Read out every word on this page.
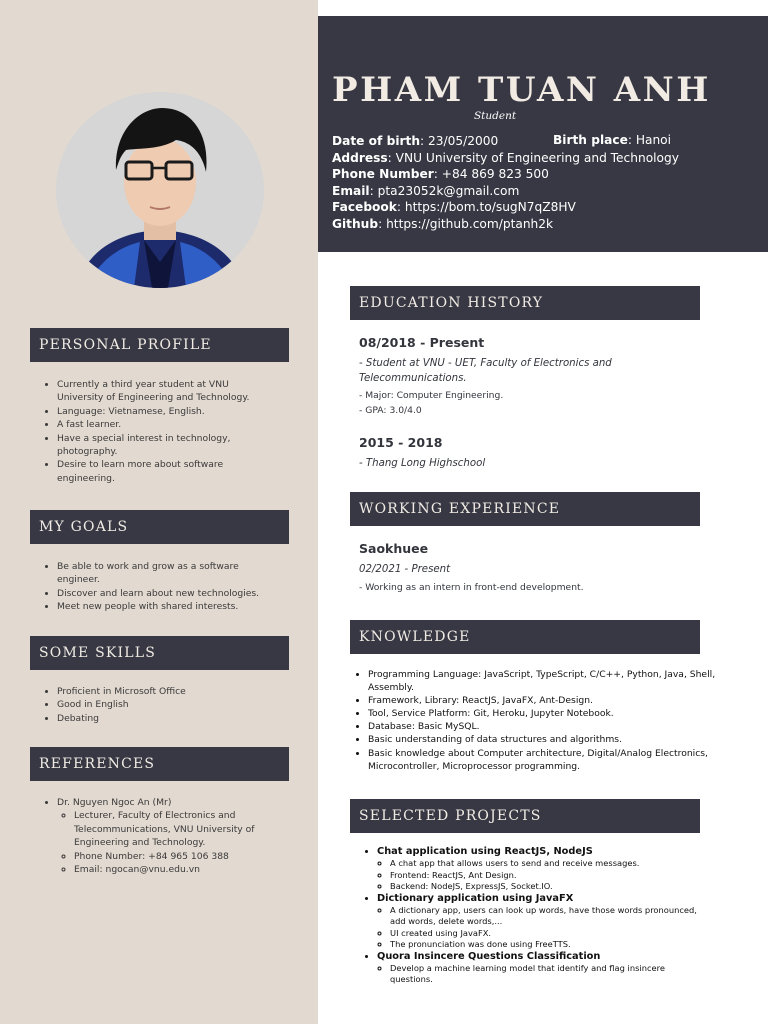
PHAM TUAN ANH
Student
Date of birth: 23/05/2000
Address: VNU University of Engineering and Technology
Phone Number: +84 869 823 500
Email: pta23052k@gmail.com
Facebook: https://bom.to/sugN7qZ8HV
Github: https://github.com/ptanh2k
Birth place: Hanoi
PERSONAL PROFILE
• Currently a third year student at VNU University of Engineering and Technology.
• Language: Vietnamese, English.
• A fast learner.
• Have a special interest in technology, photography.
• Desire to learn more about software engineering.
MY GOALS
• Be able to work and grow as a software engineer.
• Discover and learn about new technologies.
• Meet new people with shared interests.
SOME SKILLS
• Proficient in Microsoft Office
• Good in English
• Debating
REFERENCES
• Dr. Nguyen Ngoc An (Mr)
◦ Lecturer, Faculty of Electronics and Telecommunications, VNU University of Engineering and Technology.
◦ Phone Number: +84 965 106 388
◦ Email: ngocan@vnu.edu.vn
EDUCATION HISTORY
08/2018 - Present
- Student at VNU - UET, Faculty of Electronics and Telecommunications.
- Major: Computer Engineering.
- GPA: 3.0/4.0
2015 - 2018
- Thang Long Highschool
WORKING EXPERIENCE
Saokhuee
02/2021 - Present
- Working as an intern in front-end development.
KNOWLEDGE
• Programming Language: JavaScript, TypeScript, C/C++, Python, Java, Shell, Assembly.
• Framework, Library: ReactJS, JavaFX, Ant-Design.
• Tool, Service Platform: Git, Heroku, Jupyter Notebook.
• Database: Basic MySQL.
• Basic understanding of data structures and algorithms.
• Basic knowledge about Computer architecture, Digital/Analog Electronics, Microcontroller, Microprocessor programming.
SELECTED PROJECTS
• Chat application using ReactJS, NodeJS
◦ A chat app that allows users to send and receive messages.
◦ Frontend: ReactJS, Ant Design.
◦ Backend: NodeJS, ExpressJS, Socket.IO.
• Dictionary application using JavaFX
◦ A dictionary app, users can look up words, have those words pronounced, add words, delete words,...
◦ UI created using JavaFX.
◦ The pronunciation was done using FreeTTS.
• Quora Insincere Questions Classification
◦ Develop a machine learning model that identify and flag insincere questions.
